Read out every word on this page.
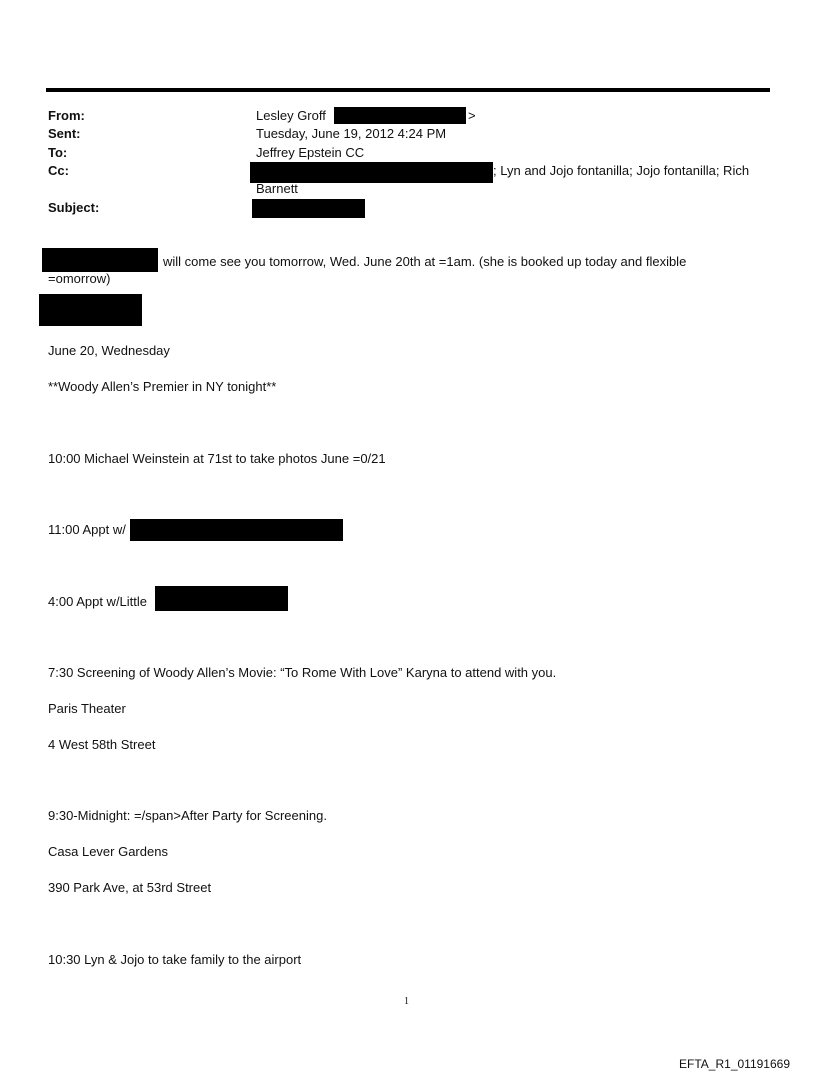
From:	Lesley Groff	>
Sent:	Tuesday, June 19, 2012 4:24 PM
To:	Jeffrey Epstein CC
Cc:	; Lyn and Jojo fontanilla; Jojo fontanilla; Rich
Barnett
Subject:
will come see you tomorrow, Wed. June 20th at =1am. (she is booked up today and flexible
=omorrow)
June 20, Wednesday
**Woody Allen’s Premier in NY tonight**
10:00 Michael Weinstein at 71st to take photos June =0/21
11:00 Appt w/
4:00 Appt w/Little
7:30 Screening of Woody Allen’s Movie: “To Rome With Love” Karyna to attend with you.
Paris Theater
4 West 58th Street
9:30-Midnight: =/span>After Party for Screening.
Casa Lever Gardens
390 Park Ave, at 53rd Street
10:30 Lyn & Jojo to take family to the airport
1
EFTA_R1_01191669
